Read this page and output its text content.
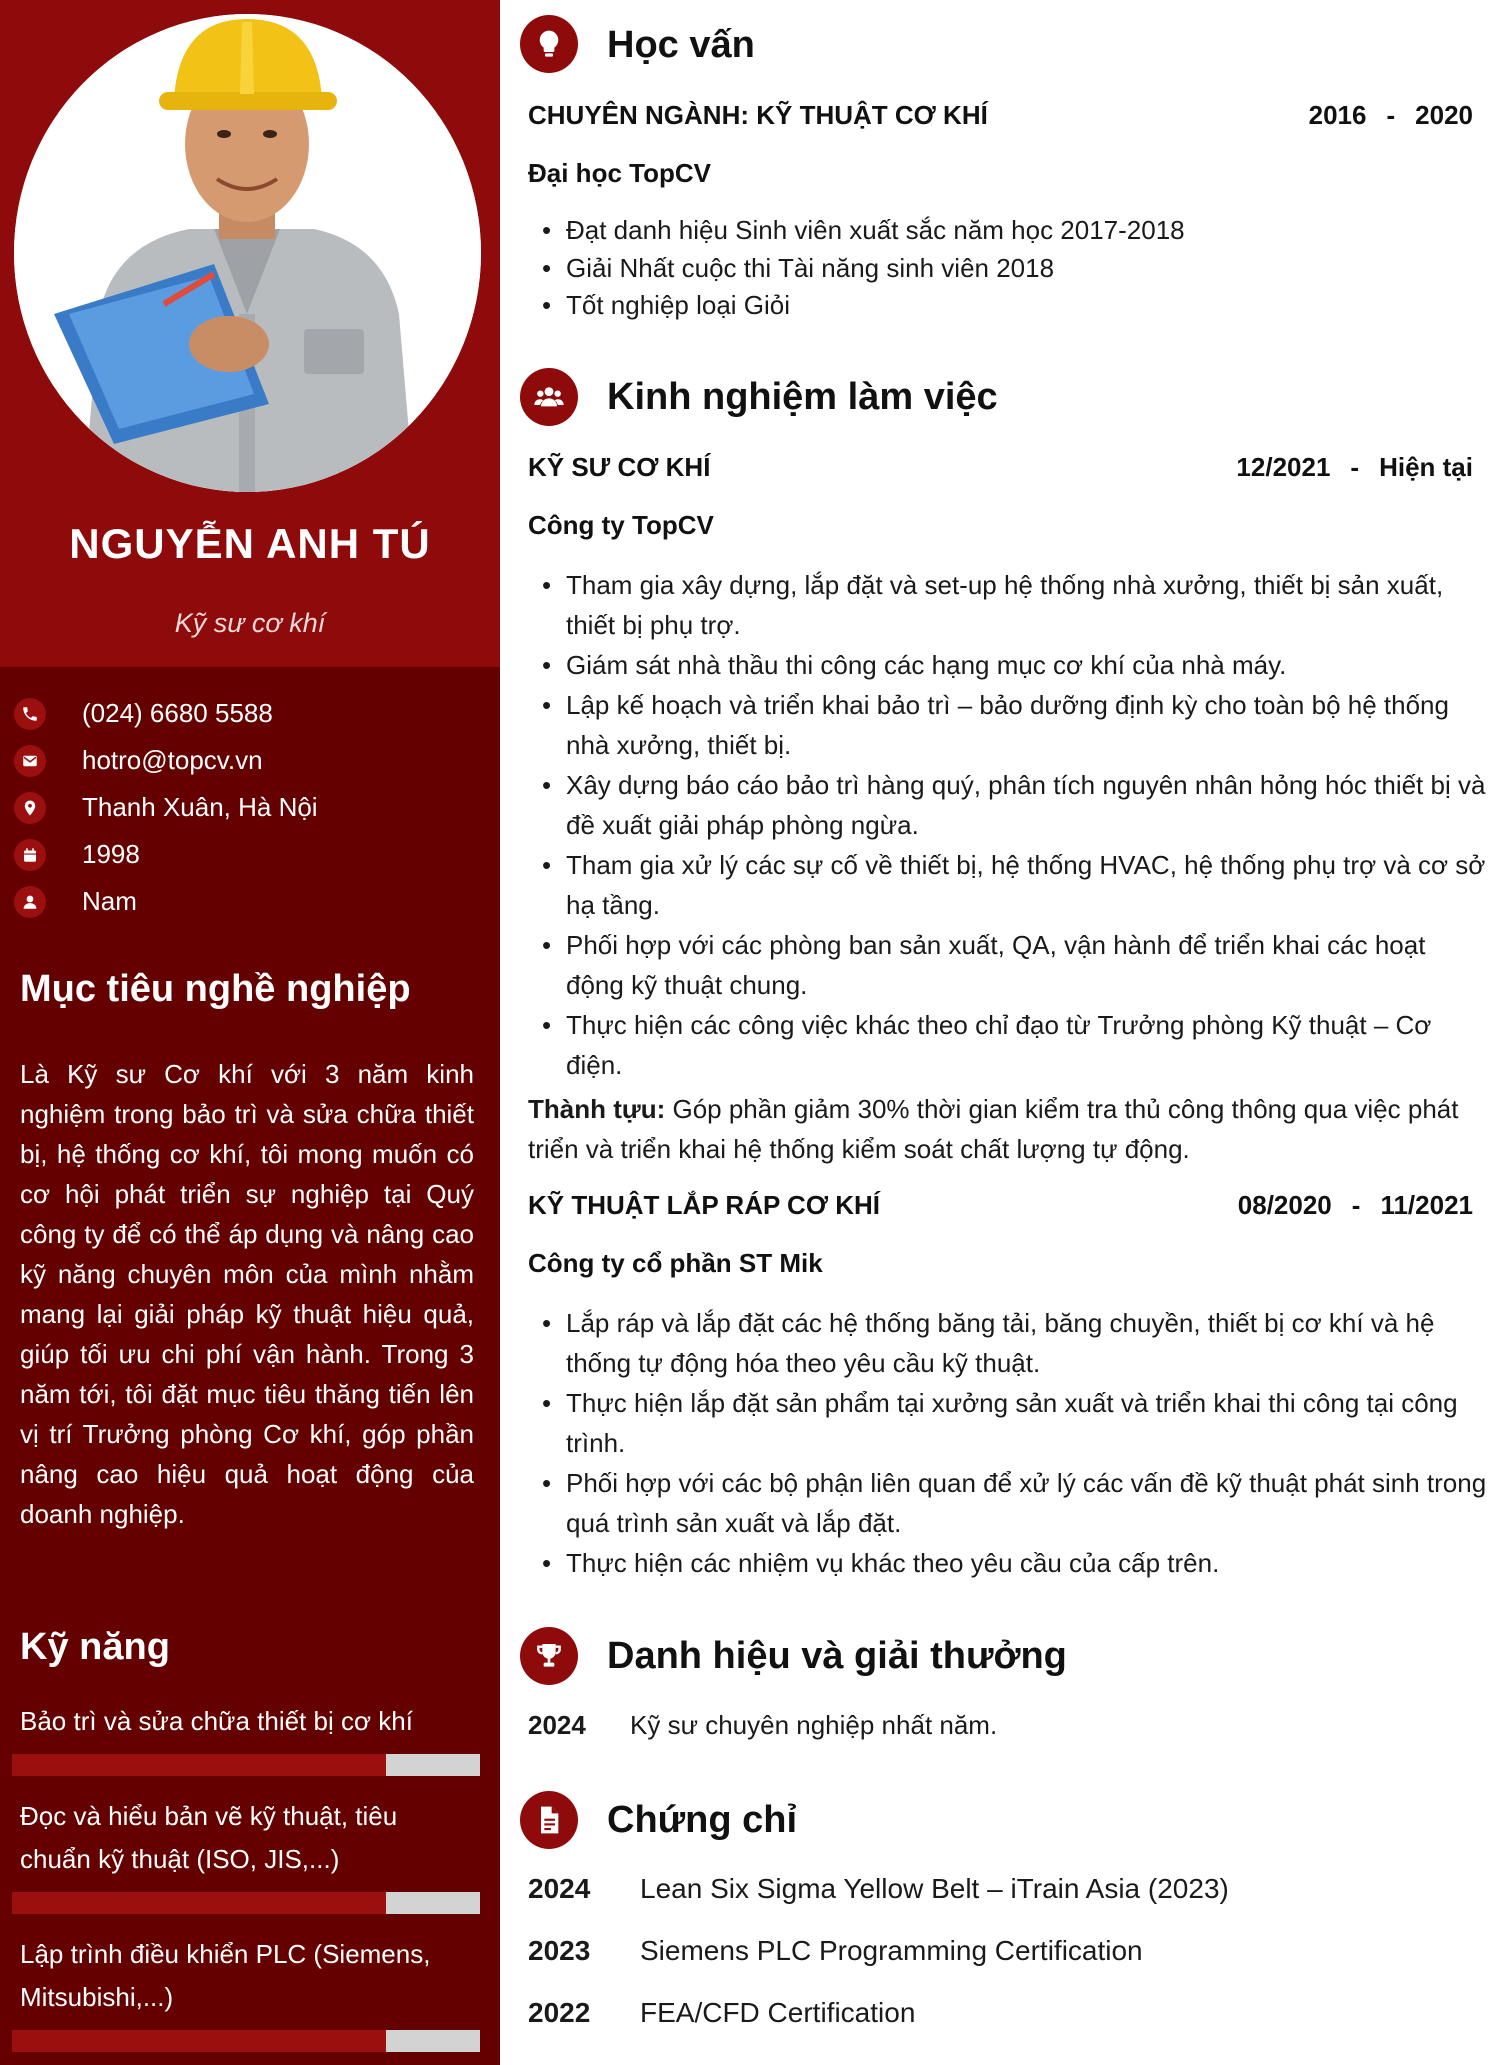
NGUYỄN ANH TÚ
Kỹ sư cơ khí
(024) 6680 5588
hotro@topcv.vn
Thanh Xuân, Hà Nội
1998
Nam
Mục tiêu nghề nghiệp
Là Kỹ sư Cơ khí với 3 năm kinh nghiệm trong bảo trì và sửa chữa thiết bị, hệ thống cơ khí, tôi mong muốn có cơ hội phát triển sự nghiệp tại Quý công ty để có thể áp dụng và nâng cao kỹ năng chuyên môn của mình nhằm mang lại giải pháp kỹ thuật hiệu quả, giúp tối ưu chi phí vận hành. Trong 3 năm tới, tôi đặt mục tiêu thăng tiến lên vị trí Trưởng phòng Cơ khí, góp phần nâng cao hiệu quả hoạt động của doanh nghiệp.
Kỹ năng
Bảo trì và sửa chữa thiết bị cơ khí
Đọc và hiểu bản vẽ kỹ thuật, tiêu chuẩn kỹ thuật (ISO, JIS,...)
Lập trình điều khiển PLC (Siemens, Mitsubishi,...)
Học vấn
CHUYÊN NGÀNH: KỸ THUẬT CƠ KHÍ	2016 - 2020
Đại học TopCV
• Đạt danh hiệu Sinh viên xuất sắc năm học 2017-2018
• Giải Nhất cuộc thi Tài năng sinh viên 2018
• Tốt nghiệp loại Giỏi
Kinh nghiệm làm việc
KỸ SƯ CƠ KHÍ	12/2021 - Hiện tại
Công ty TopCV
• Tham gia xây dựng, lắp đặt và set-up hệ thống nhà xưởng, thiết bị sản xuất, thiết bị phụ trợ.
• Giám sát nhà thầu thi công các hạng mục cơ khí của nhà máy.
• Lập kế hoạch và triển khai bảo trì – bảo dưỡng định kỳ cho toàn bộ hệ thống nhà xưởng, thiết bị.
• Xây dựng báo cáo bảo trì hàng quý, phân tích nguyên nhân hỏng hóc thiết bị và đề xuất giải pháp phòng ngừa.
• Tham gia xử lý các sự cố về thiết bị, hệ thống HVAC, hệ thống phụ trợ và cơ sở hạ tầng.
• Phối hợp với các phòng ban sản xuất, QA, vận hành để triển khai các hoạt động kỹ thuật chung.
• Thực hiện các công việc khác theo chỉ đạo từ Trưởng phòng Kỹ thuật – Cơ điện.
Thành tựu: Góp phần giảm 30% thời gian kiểm tra thủ công thông qua việc phát triển và triển khai hệ thống kiểm soát chất lượng tự động.
KỸ THUẬT LẮP RÁP CƠ KHÍ	08/2020 - 11/2021
Công ty cổ phần ST Mik
• Lắp ráp và lắp đặt các hệ thống băng tải, băng chuyền, thiết bị cơ khí và hệ thống tự động hóa theo yêu cầu kỹ thuật.
• Thực hiện lắp đặt sản phẩm tại xưởng sản xuất và triển khai thi công tại công trình.
• Phối hợp với các bộ phận liên quan để xử lý các vấn đề kỹ thuật phát sinh trong quá trình sản xuất và lắp đặt.
• Thực hiện các nhiệm vụ khác theo yêu cầu của cấp trên.
Danh hiệu và giải thưởng
2024	Kỹ sư chuyên nghiệp nhất năm.
Chứng chỉ
2024	Lean Six Sigma Yellow Belt – iTrain Asia (2023)
2023	Siemens PLC Programming Certification
2022	FEA/CFD Certification
